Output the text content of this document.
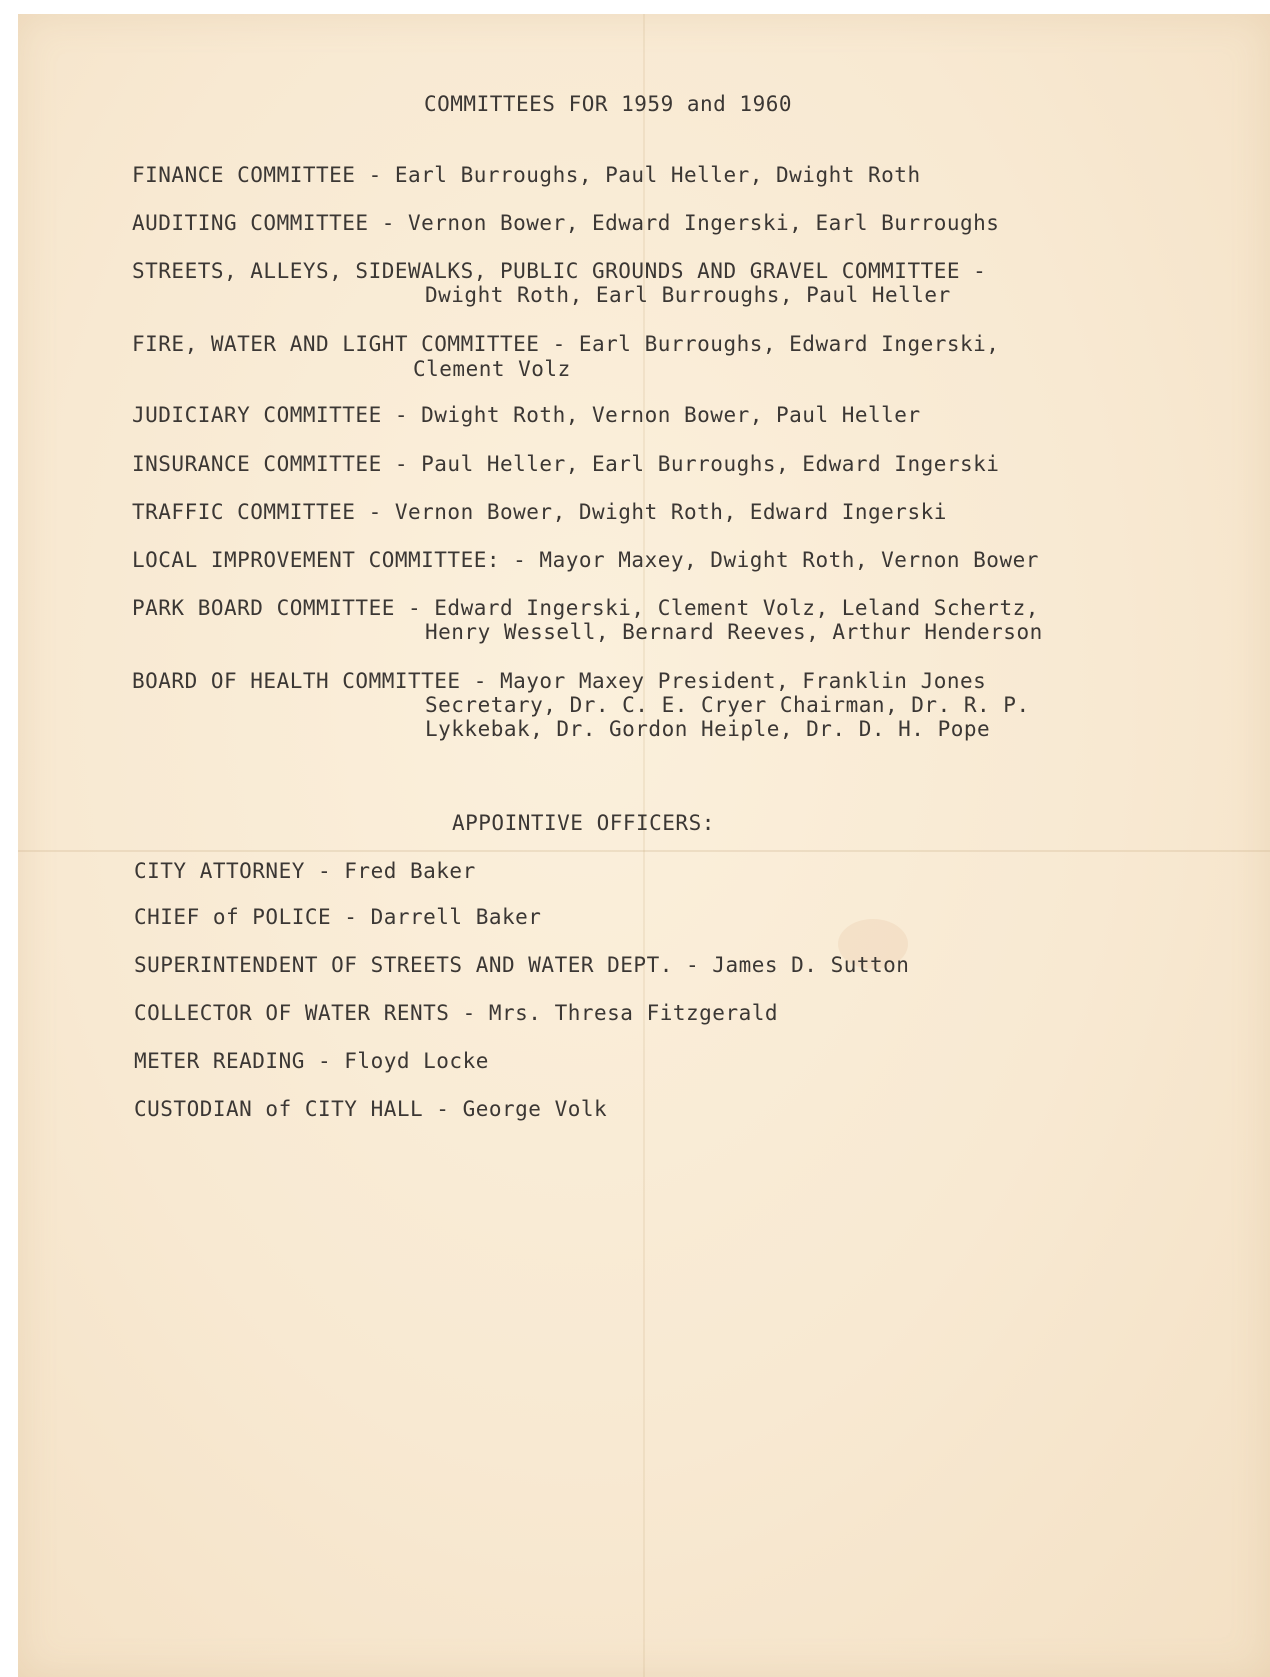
COMMITTEES FOR 1959 and 1960

FINANCE COMMITTEE - Earl Burroughs, Paul Heller, Dwight Roth

AUDITING COMMITTEE - Vernon Bower, Edward Ingerski, Earl Burroughs

STREETS, ALLEYS, SIDEWALKS, PUBLIC GROUNDS AND GRAVEL COMMITTEE -

Dwight Roth, Earl Burroughs, Paul Heller

FIRE, WATER AND LIGHT COMMITTEE - Earl Burroughs, Edward Ingerski,

Clement Volz

JUDICIARY COMMITTEE - Dwight Roth, Vernon Bower, Paul Heller

INSURANCE COMMITTEE - Paul Heller, Earl Burroughs, Edward Ingerski

TRAFFIC COMMITTEE - Vernon Bower, Dwight Roth, Edward Ingerski

LOCAL IMPROVEMENT COMMITTEE: - Mayor Maxey, Dwight Roth, Vernon Bower

PARK BOARD COMMITTEE - Edward Ingerski, Clement Volz, Leland Schertz,

Henry Wessell, Bernard Reeves, Arthur Henderson

BOARD OF HEALTH COMMITTEE - Mayor Maxey President, Franklin Jones

Secretary, Dr. C. E. Cryer Chairman, Dr. R. P.

Lykkebak, Dr. Gordon Heiple, Dr. D. H. Pope

APPOINTIVE OFFICERS:

CITY ATTORNEY - Fred Baker

CHIEF of POLICE - Darrell Baker

SUPERINTENDENT OF STREETS AND WATER DEPT. - James D. Sutton

COLLECTOR OF WATER RENTS - Mrs. Thresa Fitzgerald

METER READING - Floyd Locke

CUSTODIAN of CITY HALL - George Volk
